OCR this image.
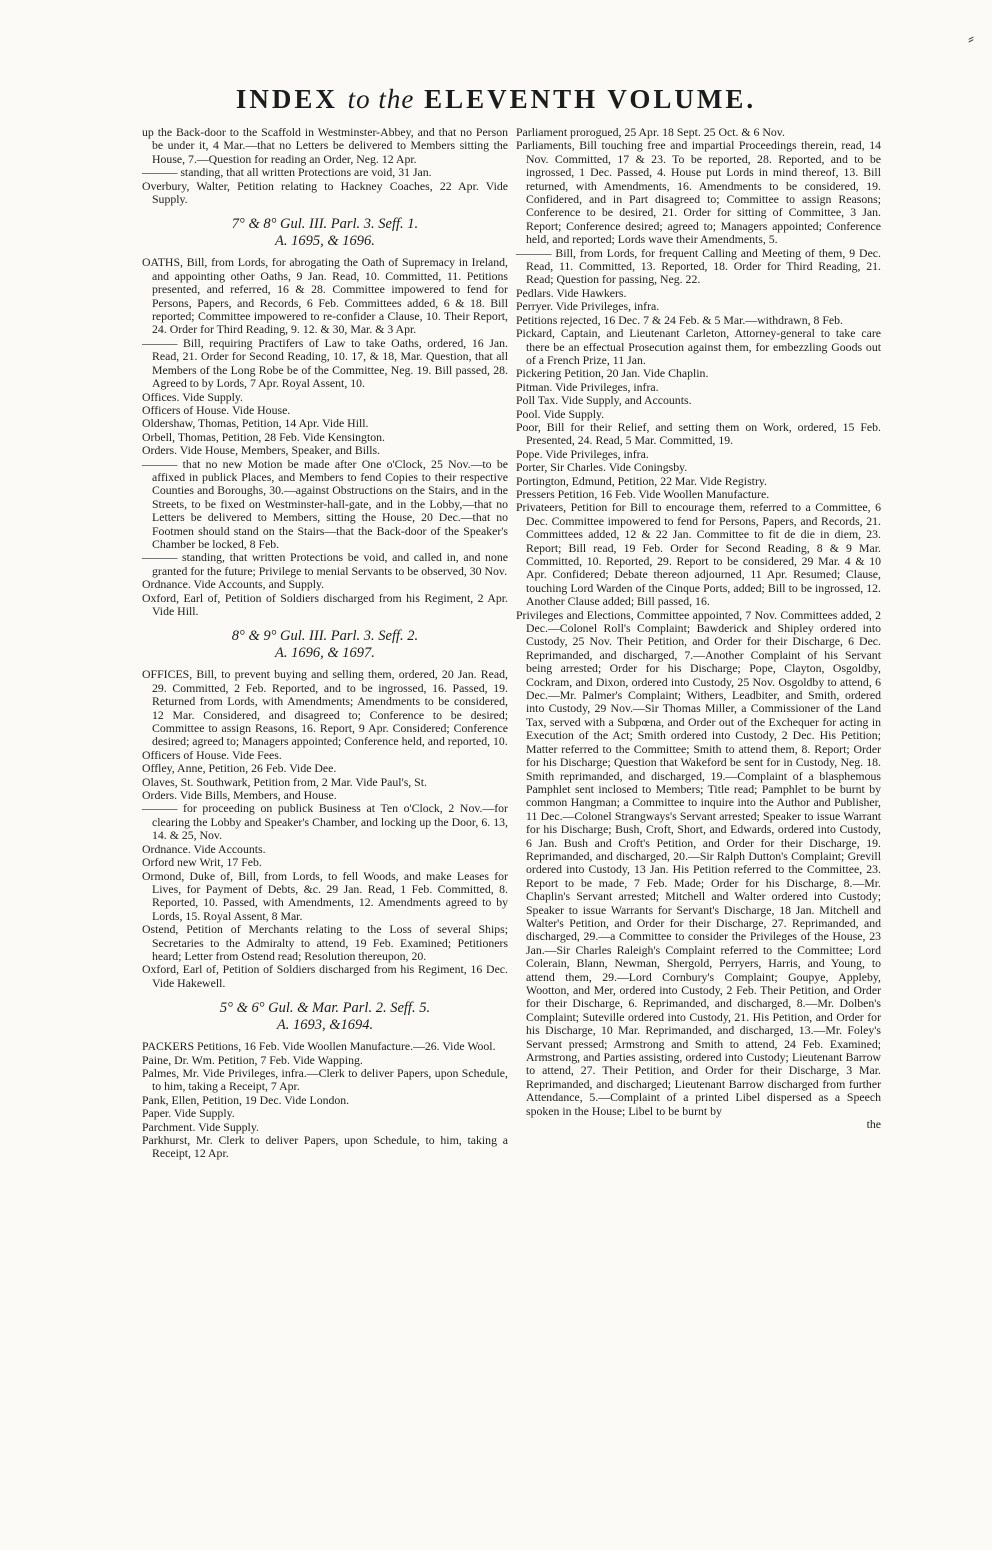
⸗
INDEX to the ELEVENTH VOLUME.

up the Back-door to the Scaffold in Westminster-Abbey, and that no Person be under it, 4 Mar.—that no Letters be delivered to Members sitting the House, 7.—Question for reading an Order, Neg. 12 Apr.

——— standing, that all written Protections are void, 31 Jan.

Overbury, Walter, Petition relating to Hackney Coaches, 22 Apr. Vide Supply.

7° & 8° Gul. III. Parl. 3. Seff. 1.
A. 1695, & 1696.

OATHS, Bill, from Lords, for abrogating the Oath of Supremacy in Ireland, and appointing other Oaths, 9 Jan. Read, 10. Committed, 11. Petitions presented, and referred, 16 & 28. Committee impowered to fend for Persons, Papers, and Records, 6 Feb. Committees added, 6 & 18. Bill reported; Committee impowered to re-confider a Clause, 10. Their Report, 24. Order for Third Reading, 9. 12. & 30, Mar. & 3 Apr.

——— Bill, requiring Practifers of Law to take Oaths, ordered, 16 Jan. Read, 21. Order for Second Reading, 10. 17, & 18, Mar. Question, that all Members of the Long Robe be of the Committee, Neg. 19. Bill passed, 28. Agreed to by Lords, 7 Apr. Royal Assent, 10.

Offices. Vide Supply.

Officers of House. Vide House.

Oldershaw, Thomas, Petition, 14 Apr. Vide Hill.

Orbell, Thomas, Petition, 28 Feb. Vide Kensington.

Orders. Vide House, Members, Speaker, and Bills.

——— that no new Motion be made after One o'Clock, 25 Nov.—to be affixed in publick Places, and Members to fend Copies to their respective Counties and Boroughs, 30.—against Obstructions on the Stairs, and in the Streets, to be fixed on Westminster-hall-gate, and in the Lobby,—that no Letters be delivered to Members, sitting the House, 20 Dec.—that no Footmen should stand on the Stairs—that the Back-door of the Speaker's Chamber be locked, 8 Feb.

——— standing, that written Protections be void, and called in, and none granted for the future; Privilege to menial Servants to be observed, 30 Nov.

Ordnance. Vide Accounts, and Supply.

Oxford, Earl of, Petition of Soldiers discharged from his Regiment, 2 Apr. Vide Hill.

8° & 9° Gul. III. Parl. 3. Seff. 2.
A. 1696, & 1697.

OFFICES, Bill, to prevent buying and selling them, ordered, 20 Jan. Read, 29. Committed, 2 Feb. Reported, and to be ingrossed, 16. Passed, 19. Returned from Lords, with Amendments; Amendments to be considered, 12 Mar. Considered, and disagreed to; Conference to be desired; Committee to assign Reasons, 16. Report, 9 Apr. Considered; Conference desired; agreed to; Managers appointed; Conference held, and reported, 10.

Officers of House. Vide Fees.

Offley, Anne, Petition, 26 Feb. Vide Dee.

Olaves, St. Southwark, Petition from, 2 Mar. Vide Paul's, St.

Orders. Vide Bills, Members, and House.

——— for proceeding on publick Business at Ten o'Clock, 2 Nov.—for clearing the Lobby and Speaker's Chamber, and locking up the Door, 6. 13, 14. & 25, Nov.

Ordnance. Vide Accounts.

Orford new Writ, 17 Feb.

Ormond, Duke of, Bill, from Lords, to fell Woods, and make Leases for Lives, for Payment of Debts, &c. 29 Jan. Read, 1 Feb. Committed, 8. Reported, 10. Passed, with Amendments, 12. Amendments agreed to by Lords, 15. Royal Assent, 8 Mar.

Ostend, Petition of Merchants relating to the Loss of several Ships; Secretaries to the Admiralty to attend, 19 Feb. Examined; Petitioners heard; Letter from Ostend read; Resolution thereupon, 20.

Oxford, Earl of, Petition of Soldiers discharged from his Regiment, 16 Dec. Vide Hakewell.

5° & 6° Gul. & Mar. Parl. 2. Seff. 5.
A. 1693, &1694.

PACKERS Petitions, 16 Feb. Vide Woollen Manufacture.—26. Vide Wool.

Paine, Dr. Wm. Petition, 7 Feb. Vide Wapping.

Palmes, Mr. Vide Privileges, infra.—Clerk to deliver Papers, upon Schedule, to him, taking a Receipt, 7 Apr.

Pank, Ellen, Petition, 19 Dec. Vide London.

Paper. Vide Supply.

Parchment. Vide Supply.

Parkhurst, Mr. Clerk to deliver Papers, upon Schedule, to him, taking a Receipt, 12 Apr.

Parliament prorogued, 25 Apr. 18 Sept. 25 Oct. & 6 Nov.

Parliaments, Bill touching free and impartial Proceedings therein, read, 14 Nov. Committed, 17 & 23. To be reported, 28. Reported, and to be ingrossed, 1 Dec. Passed, 4. House put Lords in mind thereof, 13. Bill returned, with Amendments, 16. Amendments to be considered, 19. Confidered, and in Part disagreed to; Committee to assign Reasons; Conference to be desired, 21. Order for sitting of Committee, 3 Jan. Report; Conference desired; agreed to; Managers appointed; Conference held, and reported; Lords wave their Amendments, 5.

——— Bill, from Lords, for frequent Calling and Meeting of them, 9 Dec. Read, 11. Committed, 13. Reported, 18. Order for Third Reading, 21. Read; Question for passing, Neg. 22.

Pedlars. Vide Hawkers.

Perryer. Vide Privileges, infra.

Petitions rejected, 16 Dec. 7 & 24 Feb. & 5 Mar.—withdrawn, 8 Feb.

Pickard, Captain, and Lieutenant Carleton, Attorney-general to take care there be an effectual Prosecution against them, for embezzling Goods out of a French Prize, 11 Jan.

Pickering Petition, 20 Jan. Vide Chaplin.

Pitman. Vide Privileges, infra.

Poll Tax. Vide Supply, and Accounts.

Pool. Vide Supply.

Poor, Bill for their Relief, and setting them on Work, ordered, 15 Feb. Presented, 24. Read, 5 Mar. Committed, 19.

Pope. Vide Privileges, infra.

Porter, Sir Charles. Vide Coningsby.

Portington, Edmund, Petition, 22 Mar. Vide Registry.

Pressers Petition, 16 Feb. Vide Woollen Manufacture.

Privateers, Petition for Bill to encourage them, referred to a Committee, 6 Dec. Committee impowered to fend for Persons, Papers, and Records, 21. Committees added, 12 & 22 Jan. Committee to fit de die in diem, 23. Report; Bill read, 19 Feb. Order for Second Reading, 8 & 9 Mar. Committed, 10. Reported, 29. Report to be considered, 29 Mar. 4 & 10 Apr. Confidered; Debate thereon adjourned, 11 Apr. Resumed; Clause, touching Lord Warden of the Cinque Ports, added; Bill to be ingrossed, 12. Another Clause added; Bill passed, 16.

Privileges and Elections, Committee appointed, 7 Nov. Committees added, 2 Dec.—Colonel Roll's Complaint; Bawderick and Shipley ordered into Custody, 25 Nov. Their Petition, and Order for their Discharge, 6 Dec. Reprimanded, and discharged, 7.—Another Complaint of his Servant being arrested; Order for his Discharge; Pope, Clayton, Osgoldby, Cockram, and Dixon, ordered into Custody, 25 Nov. Osgoldby to attend, 6 Dec.—Mr. Palmer's Complaint; Withers, Leadbiter, and Smith, ordered into Custody, 29 Nov.—Sir Thomas Miller, a Commissioner of the Land Tax, served with a Subpœna, and Order out of the Exchequer for acting in Execution of the Act; Smith ordered into Custody, 2 Dec. His Petition; Matter referred to the Committee; Smith to attend them, 8. Report; Order for his Discharge; Question that Wakeford be sent for in Custody, Neg. 18. Smith reprimanded, and discharged, 19.—Complaint of a blasphemous Pamphlet sent inclosed to Members; Title read; Pamphlet to be burnt by common Hangman; a Committee to inquire into the Author and Publisher, 11 Dec.—Colonel Strangways's Servant arrested; Speaker to issue Warrant for his Discharge; Bush, Croft, Short, and Edwards, ordered into Custody, 6 Jan. Bush and Croft's Petition, and Order for their Discharge, 19. Reprimanded, and discharged, 20.—Sir Ralph Dutton's Complaint; Grevill ordered into Custody, 13 Jan. His Petition referred to the Committee, 23. Report to be made, 7 Feb. Made; Order for his Discharge, 8.—Mr. Chaplin's Servant arrested; Mitchell and Walter ordered into Custody; Speaker to issue Warrants for Servant's Discharge, 18 Jan. Mitchell and Walter's Petition, and Order for their Discharge, 27. Reprimanded, and discharged, 29.—a Committee to consider the Privileges of the House, 23 Jan.—Sir Charles Raleigh's Complaint referred to the Committee; Lord Colerain, Blann, Newman, Shergold, Perryers, Harris, and Young, to attend them, 29.—Lord Cornbury's Complaint; Goupye, Appleby, Wootton, and Mer, ordered into Custody, 2 Feb. Their Petition, and Order for their Discharge, 6. Reprimanded, and discharged, 8.—Mr. Dolben's Complaint; Suteville ordered into Custody, 21. His Petition, and Order for his Discharge, 10 Mar. Reprimanded, and discharged, 13.—Mr. Foley's Servant pressed; Armstrong and Smith to attend, 24 Feb. Examined; Armstrong, and Parties assisting, ordered into Custody; Lieutenant Barrow to attend, 27. Their Petition, and Order for their Discharge, 3 Mar. Reprimanded, and discharged; Lieutenant Barrow discharged from further Attendance, 5.—Complaint of a printed Libel dispersed as a Speech spoken in the House; Libel to be burnt by

the
